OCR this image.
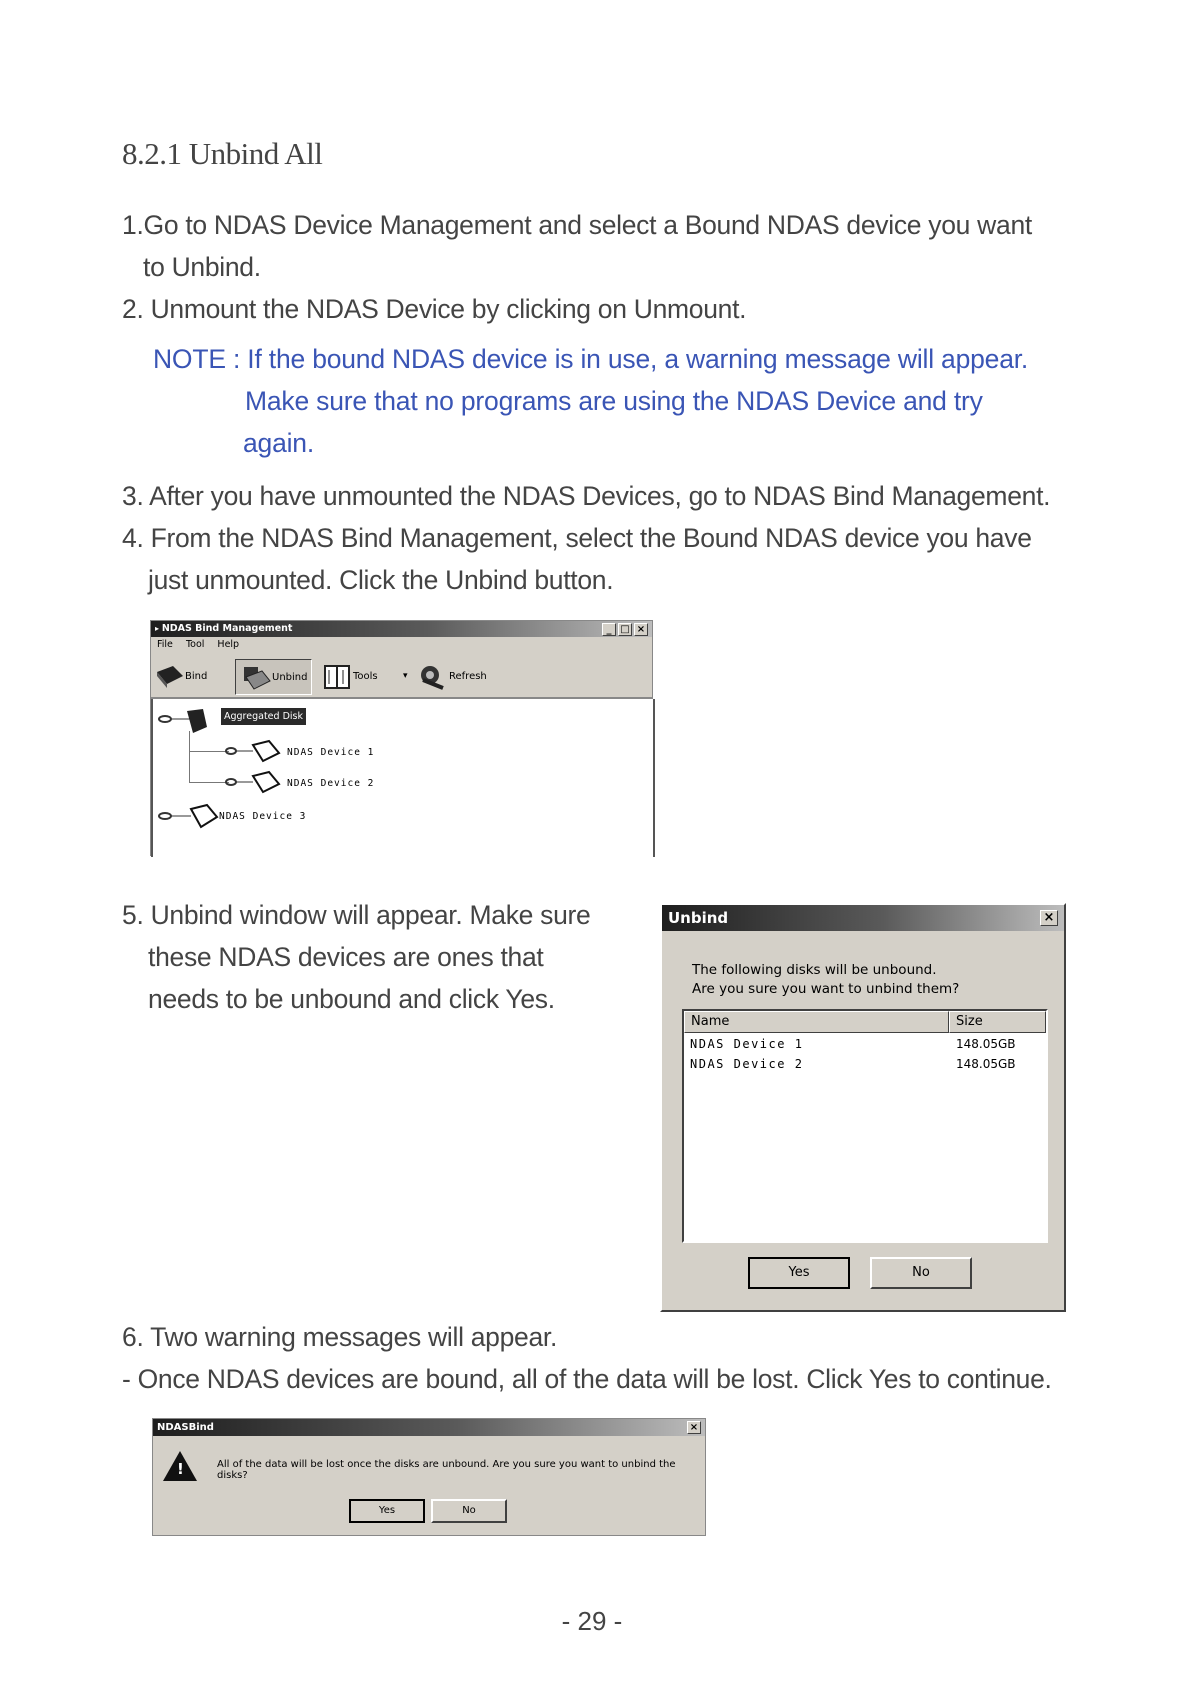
8.2.1 Unbind All
1.Go to NDAS Device Management and select a Bound NDAS device you want
to Unbind.
2. Unmount the NDAS Device by clicking on Unmount.
NOTE : If the bound NDAS device is in use, a warning message will appear.
Make sure that no programs are using the NDAS Device and try
again.
3. After you have unmounted the NDAS Devices, go to NDAS Bind Management.
4. From the NDAS Bind Management, select the Bound NDAS device you have
just unmounted. Click the Unbind button.
▸ NDAS Bind Management	_ □ ×
File Tool Help
Bind	Unbind	Tools	▾	Refresh
Aggregated Disk
NDAS Device 1
NDAS Device 2
NDAS Device 3
5. Unbind window will appear. Make sure
these NDAS devices are ones that
needs to be unbound and click Yes.
Unbind	×
The following disks will be unbound.
Are you sure you want to unbind them?
Name	Size
NDAS Device 1	148.05GB
NDAS Device 2	148.05GB
Yes	No
6. Two warning messages will appear.
- Once NDAS devices are bound, all of the data will be lost. Click Yes to continue.
NDASBind	×
!	All of the data will be lost once the disks are unbound. Are you sure you want to unbind the disks?
Yes	No
- 29 -
